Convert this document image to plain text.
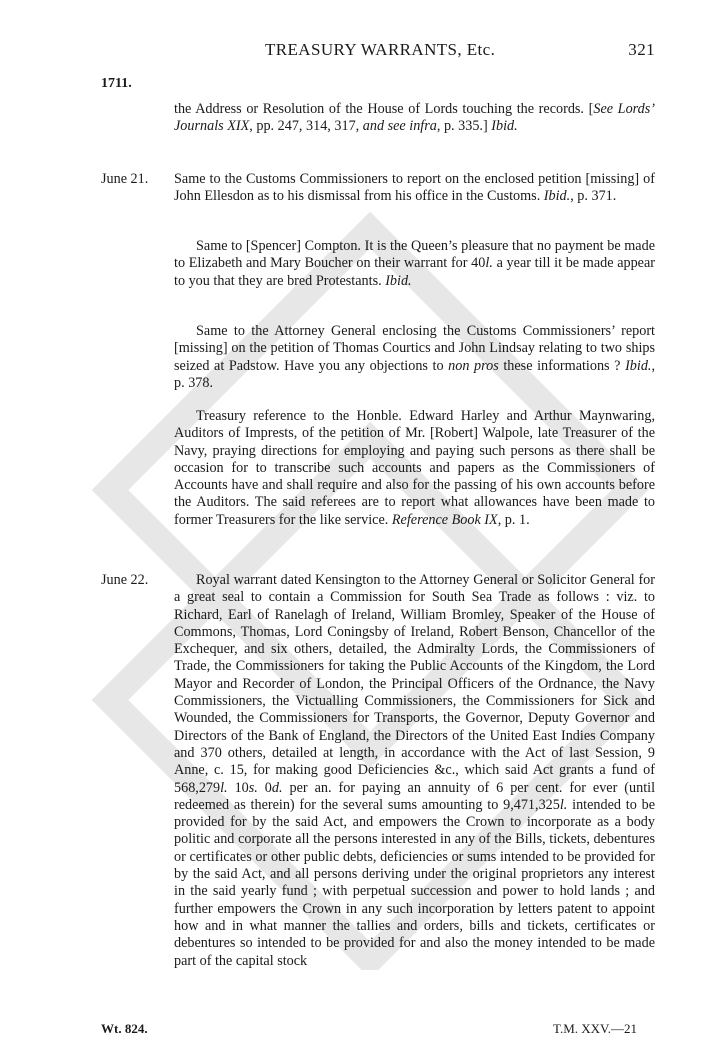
TREASURY WARRANTS, Etc.	321
1711.
the Address or Resolution of the House of Lords touching the records. [See Lords’ Journals XIX, pp. 247, 314, 317, and see infra, p. 335.] Ibid.
June 21.	Same to the Customs Commissioners to report on the enclosed petition [missing] of John Ellesdon as to his dismissal from his office in the Customs. Ibid., p. 371.
Same to [Spencer] Compton. It is the Queen’s pleasure that no payment be made to Elizabeth and Mary Boucher on their warrant for 40l. a year till it be made appear to you that they are bred Protestants. Ibid.
Same to the Attorney General enclosing the Customs Commissioners’ report [missing] on the petition of Thomas Courtics and John Lindsay relating to two ships seized at Padstow. Have you any objections to non pros these informations ? Ibid., p. 378.
Treasury reference to the Honble. Edward Harley and Arthur Maynwaring, Auditors of Imprests, of the petition of Mr. [Robert] Walpole, late Treasurer of the Navy, praying directions for employing and paying such persons as there shall be occasion for to transcribe such accounts and papers as the Commissioners of Accounts have and shall require and also for the passing of his own accounts before the Auditors. The said referees are to report what allowances have been made to former Treasurers for the like service. Reference Book IX, p. 1.
June 22.	Royal warrant dated Kensington to the Attorney General or Solicitor General for a great seal to contain a Commission for South Sea Trade as follows : viz. to Richard, Earl of Ranelagh of Ireland, William Bromley, Speaker of the House of Commons, Thomas, Lord Coningsby of Ireland, Robert Benson, Chancellor of the Exchequer, and six others, detailed, the Admiralty Lords, the Commissioners of Trade, the Commissioners for taking the Public Accounts of the Kingdom, the Lord Mayor and Recorder of London, the Principal Officers of the Ordnance, the Navy Commissioners, the Victualling Commissioners, the Commissioners for Sick and Wounded, the Commissioners for Transports, the Governor, Deputy Governor and Directors of the Bank of England, the Directors of the United East Indies Company and 370 others, detailed at length, in accordance with the Act of last Session, 9 Anne, c. 15, for making good Deficiencies &c., which said Act grants a fund of 568,279l. 10s. 0d. per an. for paying an annuity of 6 per cent. for ever (until redeemed as therein) for the several sums amounting to 9,471,325l. intended to be provided for by the said Act, and empowers the Crown to incorporate as a body politic and corporate all the persons interested in any of the Bills, tickets, debentures or certificates or other public debts, deficiencies or sums intended to be provided for by the said Act, and all persons deriving under the original proprietors any interest in the said yearly fund ; with perpetual succession and power to hold lands ; and further empowers the Crown in any such incorporation by letters patent to appoint how and in what manner the tallies and orders, bills and tickets, certificates or debentures so intended to be provided for and also the money intended to be made part of the capital stock
Wt. 824.	T.M. XXV.—21
